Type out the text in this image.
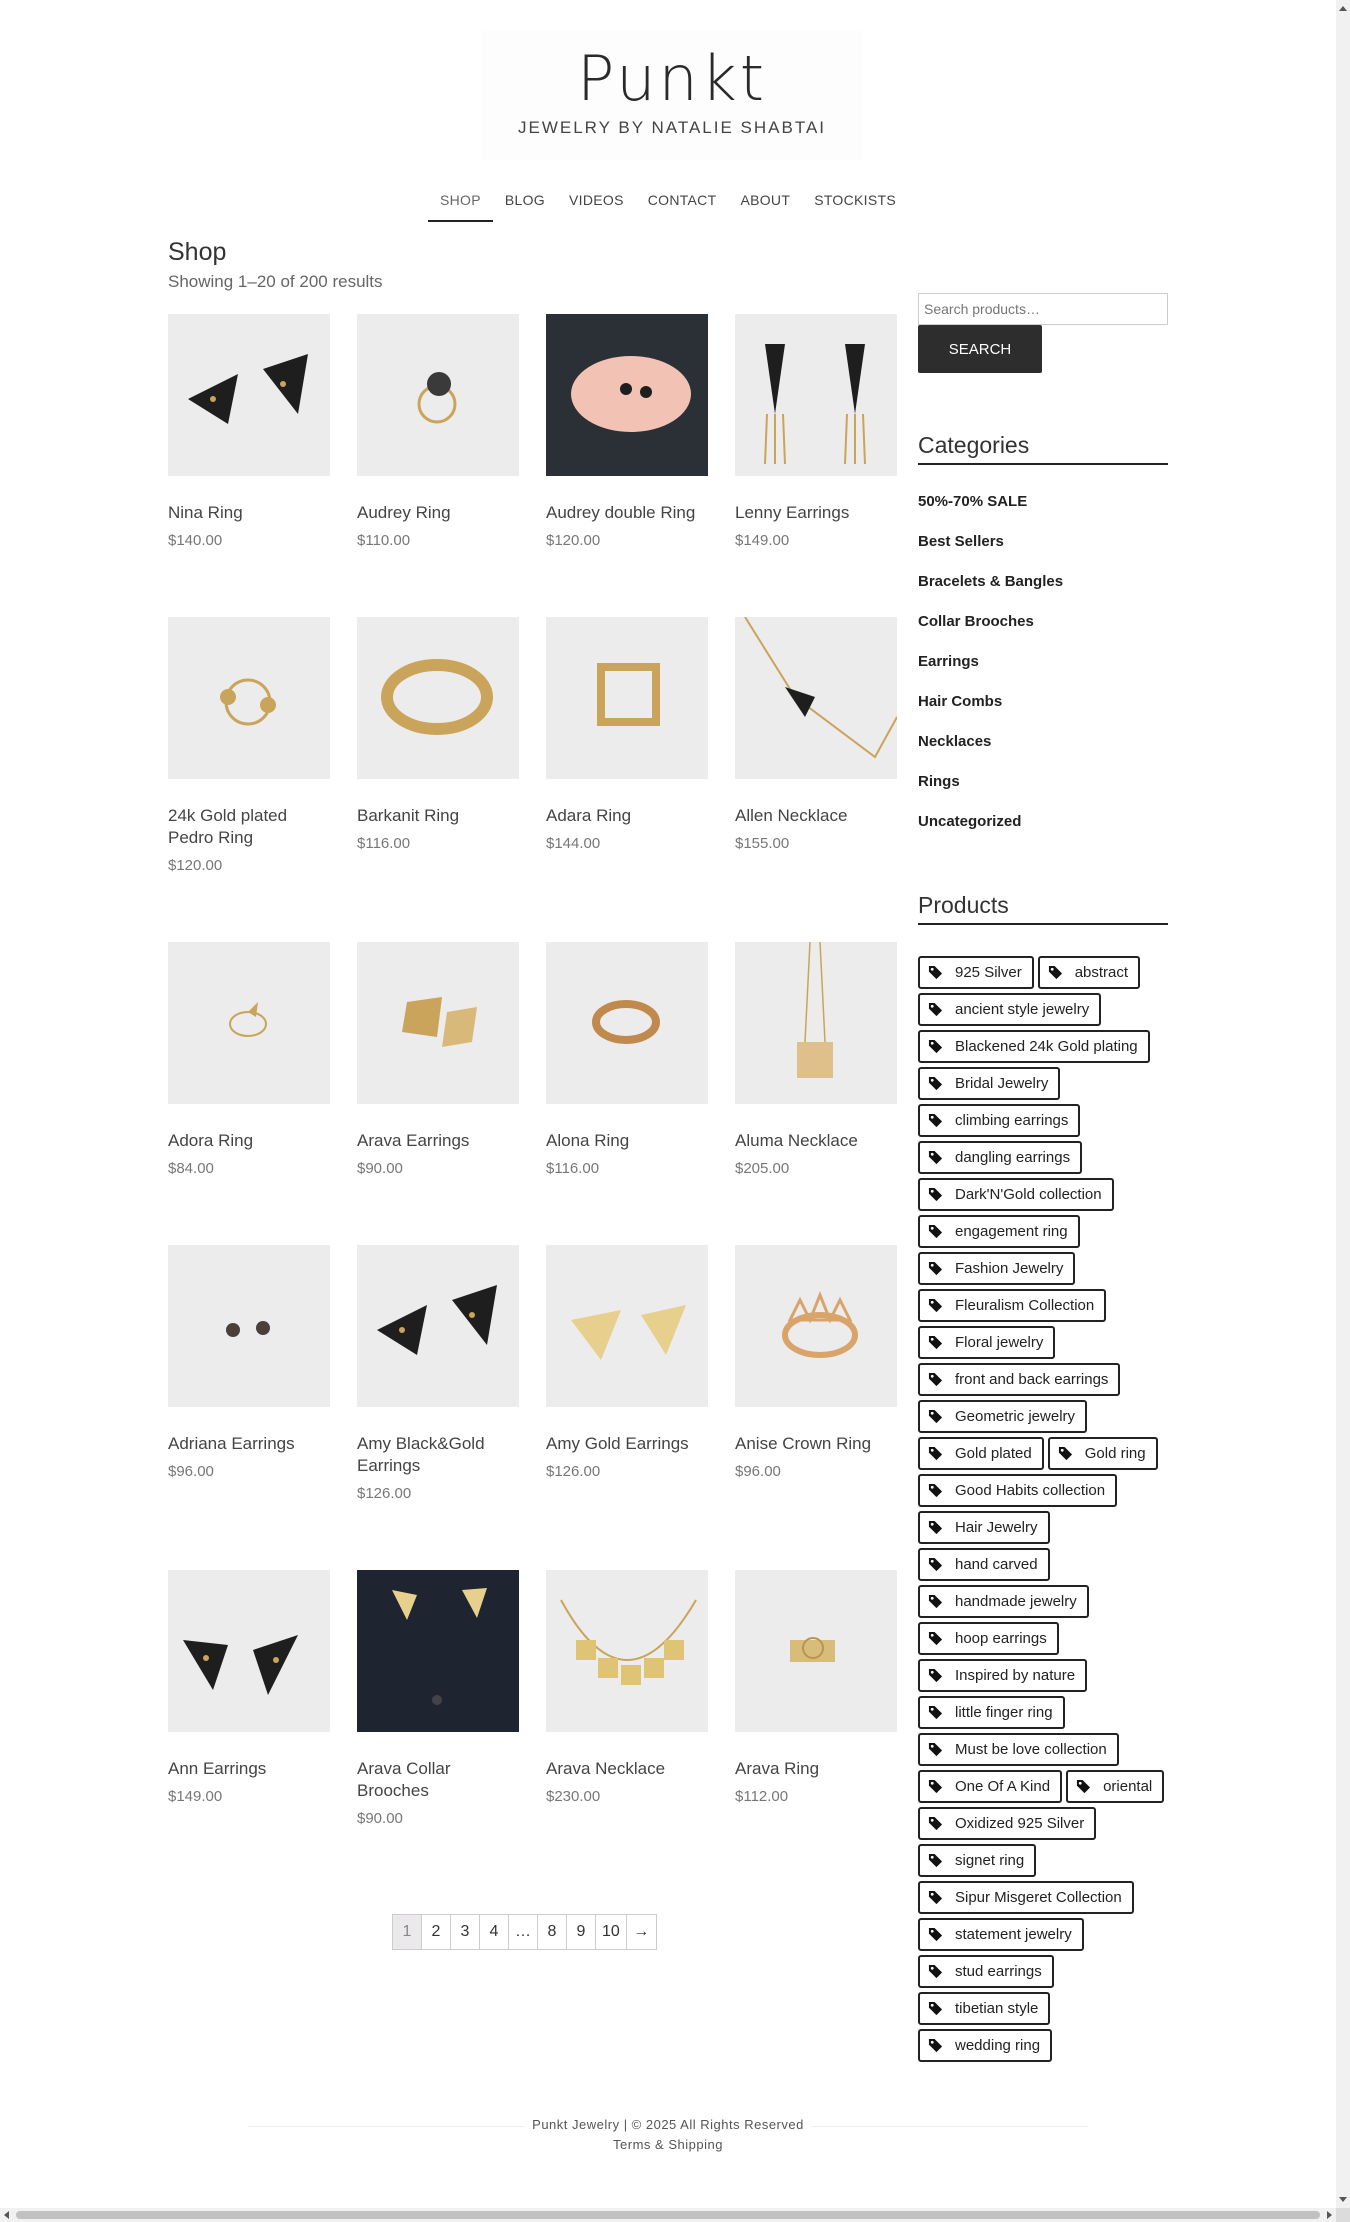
Punkt
JEWELRY BY NATALIE SHABTAI
SHOP	BLOG	VIDEOS	CONTACT	ABOUT	STOCKISTS
Shop
Showing 1–20 of 200 results
Nina Ring
$140.00
Audrey Ring
$110.00
Audrey double Ring
$120.00
Lenny Earrings
$149.00
24k Gold plated Pedro Ring
$120.00
Barkanit Ring
$116.00
Adara Ring
$144.00
Allen Necklace
$155.00
Adora Ring
$84.00
Arava Earrings
$90.00
Alona Ring
$116.00
Aluma Necklace
$205.00
Adriana Earrings
$96.00
Amy Black&Gold Earrings
$126.00
Amy Gold Earrings
$126.00
Anise Crown Ring
$96.00
Ann Earrings
$149.00
Arava Collar Brooches
$90.00
Arava Necklace
$230.00
Arava Ring
$112.00
1	2	3	4	…	8	9	10 →
Search products…
SEARCH
Categories
50%-70% SALE
Best Sellers
Bracelets & Bangles
Collar Brooches
Earrings
Hair Combs
Necklaces
Rings
Uncategorized
Products
925 Silver	abstract
ancient style jewelry
Blackened 24k Gold plating
Bridal Jewelry
climbing earrings
dangling earrings
Dark'N'Gold collection
engagement ring
Fashion Jewelry
Fleuralism Collection
Floral jewelry
front and back earrings
Geometric jewelry
Gold plated	Gold ring
Good Habits collection
Hair Jewelry
hand carved
handmade jewelry
hoop earrings
Inspired by nature
little finger ring
Must be love collection
One Of A Kind	oriental
Oxidized 925 Silver
signet ring
Sipur Misgeret Collection
statement jewelry
stud earrings
tibetian style
wedding ring
Punkt Jewelry | © 2025 All Rights Reserved
Terms & Shipping
